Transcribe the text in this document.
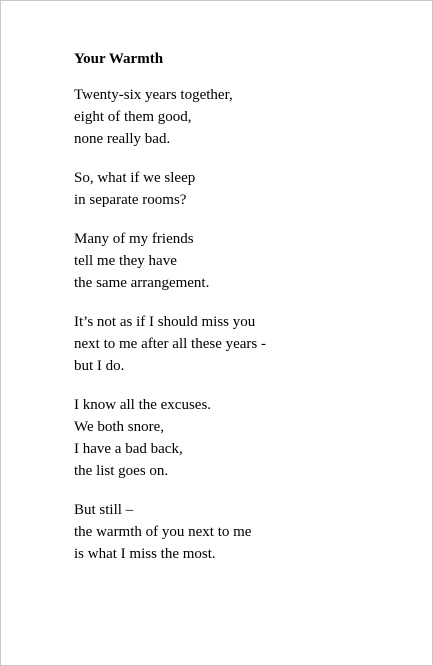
Your Warmth
Twenty-six years together,
eight of them good,
none really bad.
So, what if we sleep
in separate rooms?
Many of my friends
tell me they have
the same arrangement.
It’s not as if I should miss you
next to me after all these years -
but I do.
I know all the excuses.
We both snore,
I have a bad back,
the list goes on.
But still –
the warmth of you next to me
is what I miss the most.
